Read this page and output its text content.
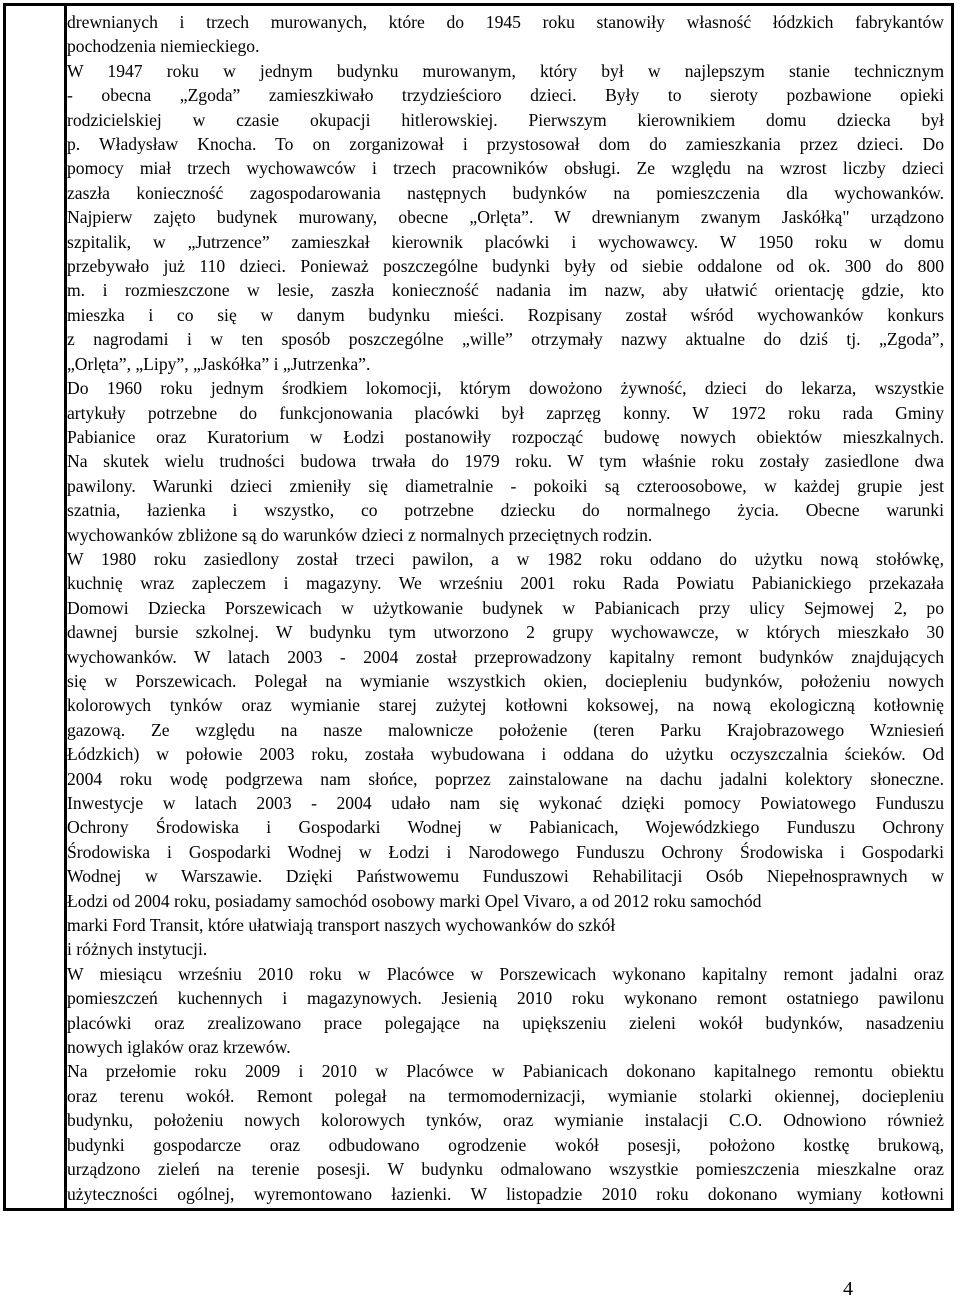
drewnianych i trzech murowanych, które do 1945 roku stanowiły własność łódzkich fabrykantów
pochodzenia niemieckiego.
W 1947 roku w jednym budynku murowanym, który był w najlepszym stanie technicznym
- obecna „Zgoda” zamieszkiwało trzydzieścioro dzieci. Były to sieroty pozbawione opieki
rodzicielskiej w czasie okupacji hitlerowskiej. Pierwszym kierownikiem domu dziecka był
p. Władysław Knocha. To on zorganizował i przystosował dom do zamieszkania przez dzieci. Do
pomocy miał trzech wychowawców i trzech pracowników obsługi. Ze względu na wzrost liczby dzieci
zaszła konieczność zagospodarowania następnych budynków na pomieszczenia dla wychowanków.
Najpierw zajęto budynek murowany, obecne „Orlęta”. W drewnianym zwanym Jaskółką" urządzono
szpitalik, w „Jutrzence” zamieszkał kierownik placówki i wychowawcy. W 1950 roku w domu
przebywało już 110 dzieci. Ponieważ poszczególne budynki były od siebie oddalone od ok. 300 do 800
m. i rozmieszczone w lesie, zaszła konieczność nadania im nazw, aby ułatwić orientację gdzie, kto
mieszka i co się w danym budynku mieści. Rozpisany został wśród wychowanków konkurs
z nagrodami i w ten sposób poszczególne „wille” otrzymały nazwy aktualne do dziś tj. „Zgoda”,
„Orlęta”, „Lipy”, „Jaskółka” i „Jutrzenka”.
Do 1960 roku jednym środkiem lokomocji, którym dowożono żywność, dzieci do lekarza, wszystkie
artykuły potrzebne do funkcjonowania placówki był zaprzęg konny. W 1972 roku rada Gminy
Pabianice oraz Kuratorium w Łodzi postanowiły rozpocząć budowę nowych obiektów mieszkalnych.
Na skutek wielu trudności budowa trwała do 1979 roku. W tym właśnie roku zostały zasiedlone dwa
pawilony. Warunki dzieci zmieniły się diametralnie - pokoiki są czteroosobowe, w każdej grupie jest
szatnia, łazienka i wszystko, co potrzebne dziecku do normalnego życia. Obecne warunki
wychowanków zbliżone są do warunków dzieci z normalnych przeciętnych rodzin.
W 1980 roku zasiedlony został trzeci pawilon, a w 1982 roku oddano do użytku nową stołówkę,
kuchnię wraz zapleczem i magazyny. We wrześniu 2001 roku Rada Powiatu Pabianickiego przekazała
Domowi Dziecka Porszewicach w użytkowanie budynek w Pabianicach przy ulicy Sejmowej 2, po
dawnej bursie szkolnej. W budynku tym utworzono 2 grupy wychowawcze, w których mieszkało 30
wychowanków. W latach 2003 - 2004 został przeprowadzony kapitalny remont budynków znajdujących
się w Porszewicach. Polegał na wymianie wszystkich okien, dociepleniu budynków, położeniu nowych
kolorowych tynków oraz wymianie starej zużytej kotłowni koksowej, na nową ekologiczną kotłownię
gazową. Ze względu na nasze malownicze położenie (teren Parku Krajobrazowego Wzniesień
Łódzkich) w połowie 2003 roku, została wybudowana i oddana do użytku oczyszczalnia ścieków. Od
2004 roku wodę podgrzewa nam słońce, poprzez zainstalowane na dachu jadalni kolektory słoneczne.
Inwestycje w latach 2003 - 2004 udało nam się wykonać dzięki pomocy Powiatowego Funduszu
Ochrony Środowiska i Gospodarki Wodnej w Pabianicach, Wojewódzkiego Funduszu Ochrony
Środowiska i Gospodarki Wodnej w Łodzi i Narodowego Funduszu Ochrony Środowiska i Gospodarki
Wodnej w Warszawie. Dzięki Państwowemu Funduszowi Rehabilitacji Osób Niepełnosprawnych w
Łodzi od 2004 roku, posiadamy samochód osobowy marki Opel Vivaro, a od 2012 roku samochód
marki Ford Transit, które ułatwiają transport naszych wychowanków do szkół
i różnych instytucji.
W miesiącu wrześniu 2010 roku w Placówce w Porszewicach wykonano kapitalny remont jadalni oraz
pomieszczeń kuchennych i magazynowych. Jesienią 2010 roku wykonano remont ostatniego pawilonu
placówki oraz zrealizowano prace polegające na upiększeniu zieleni wokół budynków, nasadzeniu
nowych iglaków oraz krzewów.
Na przełomie roku 2009 i 2010 w Placówce w Pabianicach dokonano kapitalnego remontu obiektu
oraz terenu wokół. Remont polegał na termomodernizacji, wymianie stolarki okiennej, dociepleniu
budynku, położeniu nowych kolorowych tynków, oraz wymianie instalacji C.O. Odnowiono również
budynki gospodarcze oraz odbudowano ogrodzenie wokół posesji, położono kostkę brukową,
urządzono zieleń na terenie posesji. W budynku odmalowano wszystkie pomieszczenia mieszkalne oraz
użyteczności ogólnej, wyremontowano łazienki. W listopadzie 2010 roku dokonano wymiany kotłowni
4
